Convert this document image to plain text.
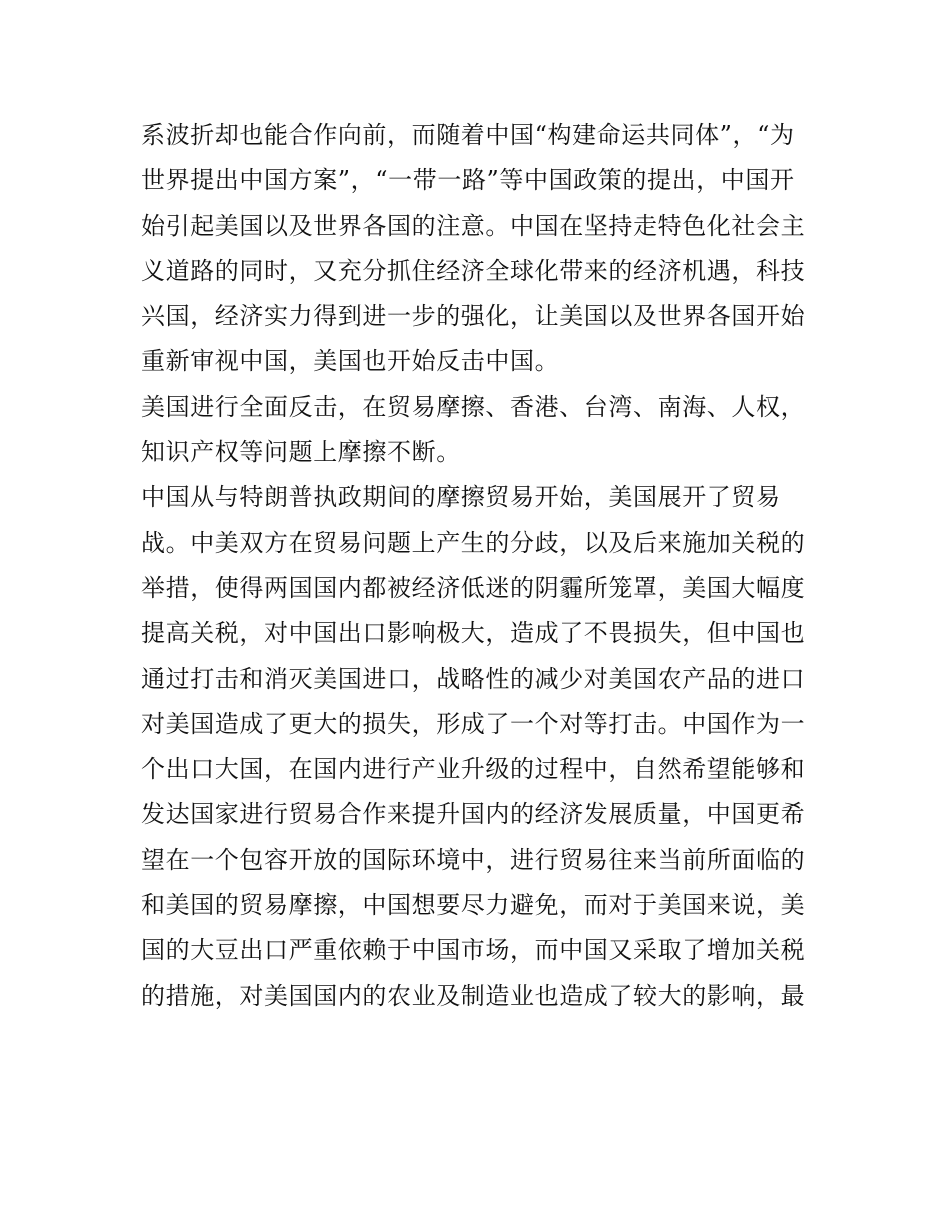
系波折却也能合作向前，而随着中国“构建命运共同体”，“为
世界提出中国方案”，“一带一路”等中国政策的提出，中国开
始引起美国以及世界各国的注意。中国在坚持走特色化社会主
义道路的同时，又充分抓住经济全球化带来的经济机遇，科技
兴国，经济实力得到进一步的强化，让美国以及世界各国开始
重新审视中国，美国也开始反击中国。
美国进行全面反击，在贸易摩擦、香港、台湾、南海、人权，
知识产权等问题上摩擦不断。
中国从与特朗普执政期间的摩擦贸易开始，美国展开了贸易
战。中美双方在贸易问题上产生的分歧，以及后来施加关税的
举措，使得两国国内都被经济低迷的阴霾所笼罩，美国大幅度
提高关税，对中国出口影响极大，造成了不畏损失，但中国也
通过打击和消灭美国进口，战略性的减少对美国农产品的进口
对美国造成了更大的损失，形成了一个对等打击。中国作为一
个出口大国，在国内进行产业升级的过程中，自然希望能够和
发达国家进行贸易合作来提升国内的经济发展质量，中国更希
望在一个包容开放的国际环境中，进行贸易往来当前所面临的
和美国的贸易摩擦，中国想要尽力避免，而对于美国来说，美
国的大豆出口严重依赖于中国市场，而中国又采取了增加关税
的措施，对美国国内的农业及制造业也造成了较大的影响，最
